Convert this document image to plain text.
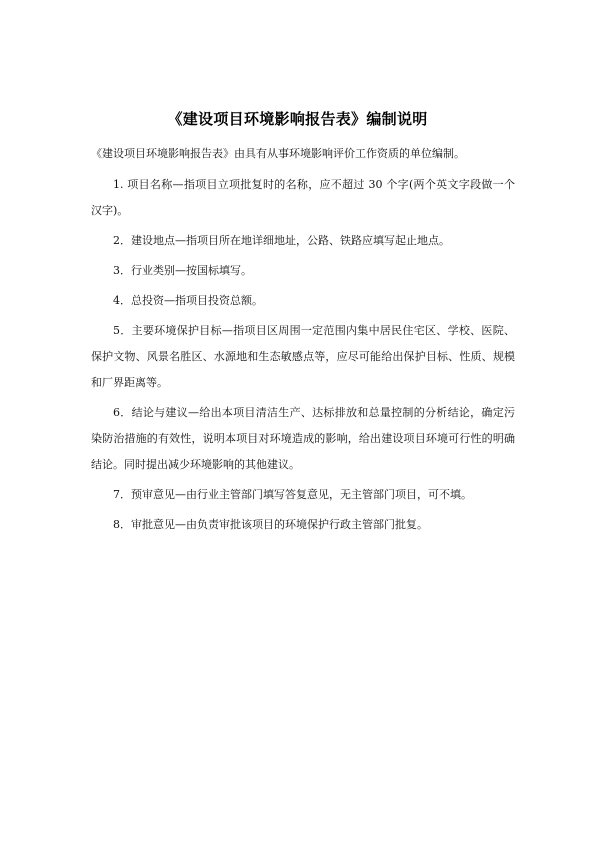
《建设项目环境影响报告表》编制说明
《建设项目环境影响报告表》由具有从事环境影响评价工作资质的单位编制。

1. 项目名称—指项目立项批复时的名称，应不超过 30 个字(两个英文字段做一个汉字)。

2．建设地点—指项目所在地详细地址，公路、铁路应填写起止地点。

3．行业类别—按国标填写。

4．总投资—指项目投资总额。

5．主要环境保护目标—指项目区周围一定范围内集中居民住宅区、学校、医院、保护文物、风景名胜区、水源地和生态敏感点等，应尽可能给出保护目标、性质、规模和厂界距离等。

6．结论与建议—给出本项目清洁生产、达标排放和总量控制的分析结论，确定污染防治措施的有效性，说明本项目对环境造成的影响，给出建设项目环境可行性的明确结论。同时提出减少环境影响的其他建议。

7．预审意见—由行业主管部门填写答复意见，无主管部门项目，可不填。

8．审批意见—由负责审批该项目的环境保护行政主管部门批复。
